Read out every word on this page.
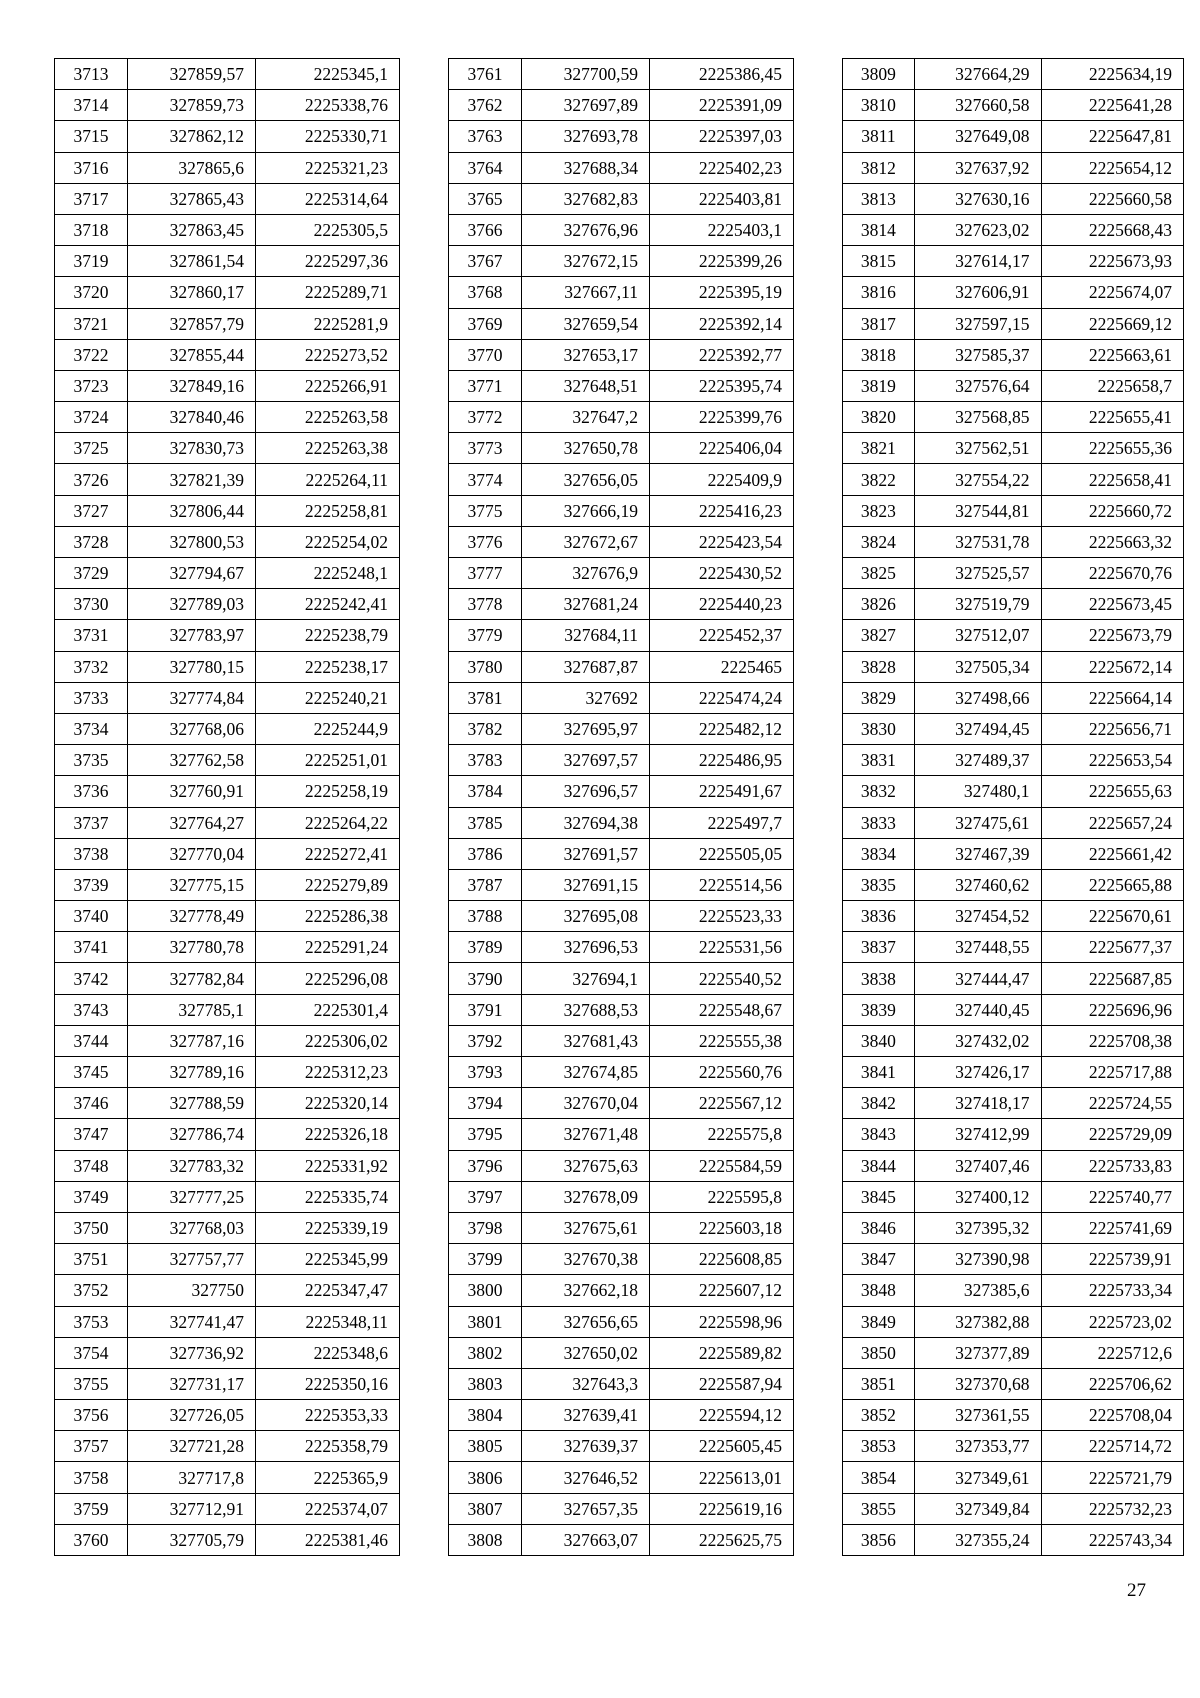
3713	327859,57	2225345,1
3714	327859,73	2225338,76
3715	327862,12	2225330,71
3716	327865,6	2225321,23
3717	327865,43	2225314,64
3718	327863,45	2225305,5
3719	327861,54	2225297,36
3720	327860,17	2225289,71
3721	327857,79	2225281,9
3722	327855,44	2225273,52
3723	327849,16	2225266,91
3724	327840,46	2225263,58
3725	327830,73	2225263,38
3726	327821,39	2225264,11
3727	327806,44	2225258,81
3728	327800,53	2225254,02
3729	327794,67	2225248,1
3730	327789,03	2225242,41
3731	327783,97	2225238,79
3732	327780,15	2225238,17
3733	327774,84	2225240,21
3734	327768,06	2225244,9
3735	327762,58	2225251,01
3736	327760,91	2225258,19
3737	327764,27	2225264,22
3738	327770,04	2225272,41
3739	327775,15	2225279,89
3740	327778,49	2225286,38
3741	327780,78	2225291,24
3742	327782,84	2225296,08
3743	327785,1	2225301,4
3744	327787,16	2225306,02
3745	327789,16	2225312,23
3746	327788,59	2225320,14
3747	327786,74	2225326,18
3748	327783,32	2225331,92
3749	327777,25	2225335,74
3750	327768,03	2225339,19
3751	327757,77	2225345,99
3752	327750	2225347,47
3753	327741,47	2225348,11
3754	327736,92	2225348,6
3755	327731,17	2225350,16
3756	327726,05	2225353,33
3757	327721,28	2225358,79
3758	327717,8	2225365,9
3759	327712,91	2225374,07
3760	327705,79	2225381,46
3761	327700,59	2225386,45
3762	327697,89	2225391,09
3763	327693,78	2225397,03
3764	327688,34	2225402,23
3765	327682,83	2225403,81
3766	327676,96	2225403,1
3767	327672,15	2225399,26
3768	327667,11	2225395,19
3769	327659,54	2225392,14
3770	327653,17	2225392,77
3771	327648,51	2225395,74
3772	327647,2	2225399,76
3773	327650,78	2225406,04
3774	327656,05	2225409,9
3775	327666,19	2225416,23
3776	327672,67	2225423,54
3777	327676,9	2225430,52
3778	327681,24	2225440,23
3779	327684,11	2225452,37
3780	327687,87	2225465
3781	327692	2225474,24
3782	327695,97	2225482,12
3783	327697,57	2225486,95
3784	327696,57	2225491,67
3785	327694,38	2225497,7
3786	327691,57	2225505,05
3787	327691,15	2225514,56
3788	327695,08	2225523,33
3789	327696,53	2225531,56
3790	327694,1	2225540,52
3791	327688,53	2225548,67
3792	327681,43	2225555,38
3793	327674,85	2225560,76
3794	327670,04	2225567,12
3795	327671,48	2225575,8
3796	327675,63	2225584,59
3797	327678,09	2225595,8
3798	327675,61	2225603,18
3799	327670,38	2225608,85
3800	327662,18	2225607,12
3801	327656,65	2225598,96
3802	327650,02	2225589,82
3803	327643,3	2225587,94
3804	327639,41	2225594,12
3805	327639,37	2225605,45
3806	327646,52	2225613,01
3807	327657,35	2225619,16
3808	327663,07	2225625,75
3809	327664,29	2225634,19
3810	327660,58	2225641,28
3811	327649,08	2225647,81
3812	327637,92	2225654,12
3813	327630,16	2225660,58
3814	327623,02	2225668,43
3815	327614,17	2225673,93
3816	327606,91	2225674,07
3817	327597,15	2225669,12
3818	327585,37	2225663,61
3819	327576,64	2225658,7
3820	327568,85	2225655,41
3821	327562,51	2225655,36
3822	327554,22	2225658,41
3823	327544,81	2225660,72
3824	327531,78	2225663,32
3825	327525,57	2225670,76
3826	327519,79	2225673,45
3827	327512,07	2225673,79
3828	327505,34	2225672,14
3829	327498,66	2225664,14
3830	327494,45	2225656,71
3831	327489,37	2225653,54
3832	327480,1	2225655,63
3833	327475,61	2225657,24
3834	327467,39	2225661,42
3835	327460,62	2225665,88
3836	327454,52	2225670,61
3837	327448,55	2225677,37
3838	327444,47	2225687,85
3839	327440,45	2225696,96
3840	327432,02	2225708,38
3841	327426,17	2225717,88
3842	327418,17	2225724,55
3843	327412,99	2225729,09
3844	327407,46	2225733,83
3845	327400,12	2225740,77
3846	327395,32	2225741,69
3847	327390,98	2225739,91
3848	327385,6	2225733,34
3849	327382,88	2225723,02
3850	327377,89	2225712,6
3851	327370,68	2225706,62
3852	327361,55	2225708,04
3853	327353,77	2225714,72
3854	327349,61	2225721,79
3855	327349,84	2225732,23
3856	327355,24	2225743,34
27
